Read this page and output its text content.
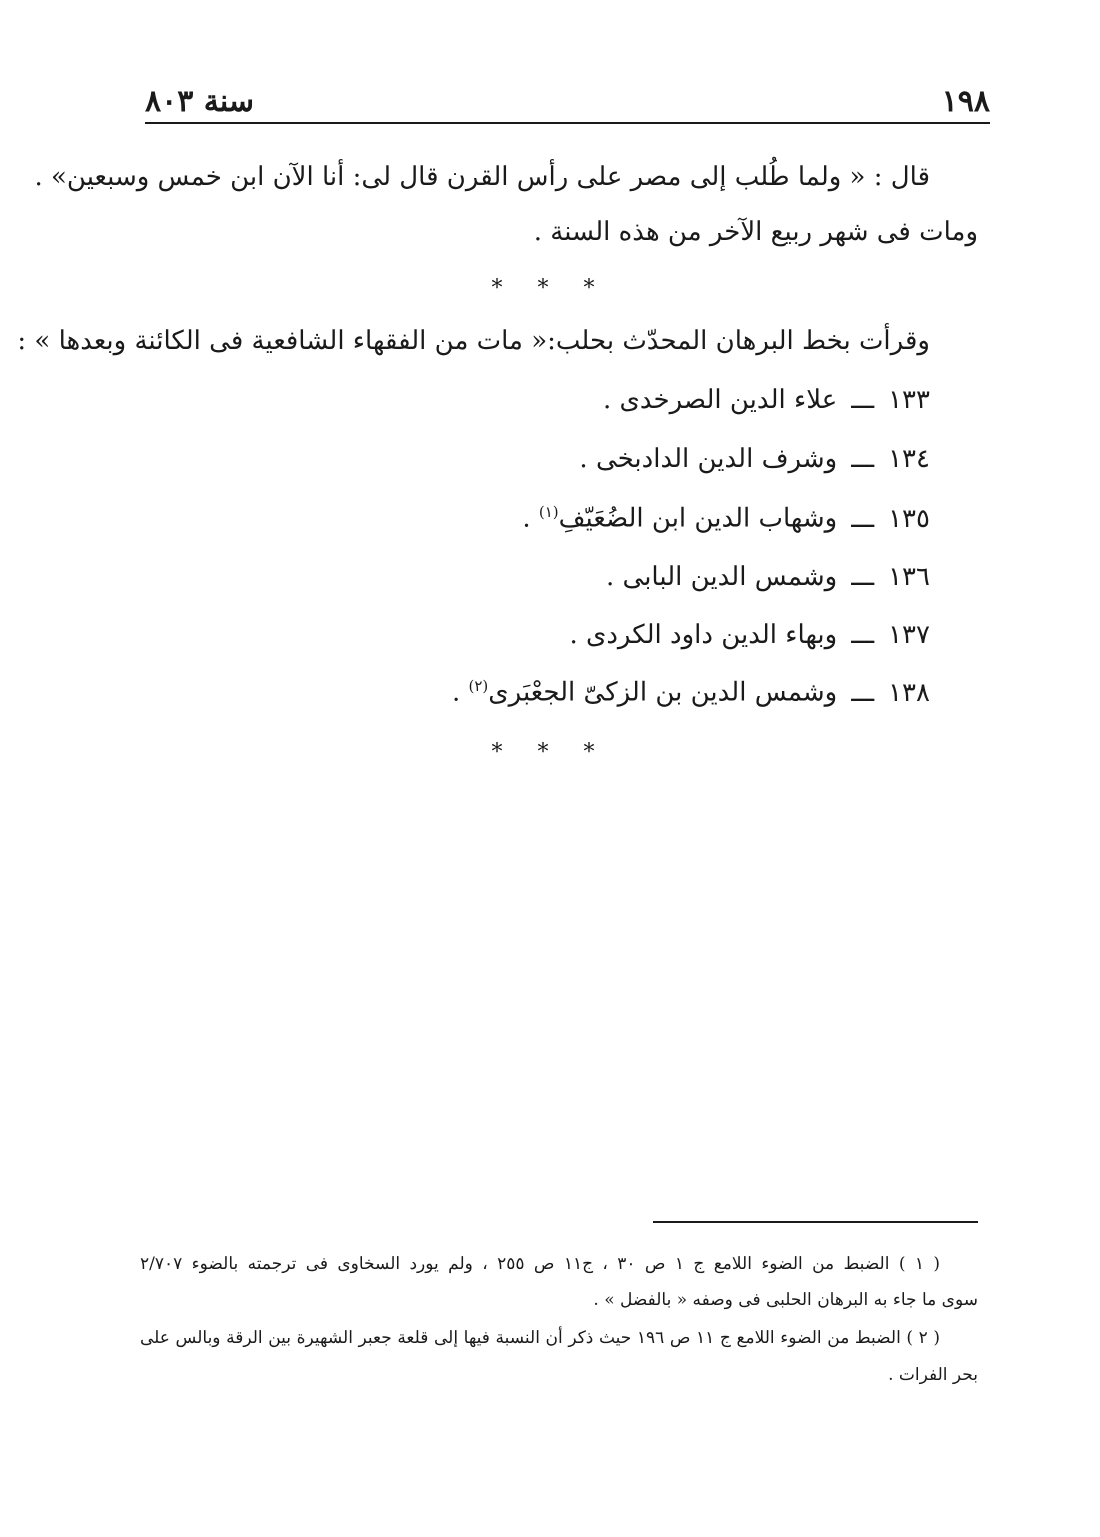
١٩٨
سنة ٨٠٣
قال : « ولما طُلب إلى مصر على رأس القرن قال لى: أنا الآن ابن خمس وسبعين» .
ومات فى شهر ربيع الآخر من هذه السنة .
* * *
وقرأت بخط البرهان المحدّث بحلب:« مات من الفقهاء الشافعية فى الكائنة وبعدها » :
١٣٣ـــعلاء الدين الصرخدى .
١٣٤ـــوشرف الدين الدادبخى .
١٣٥ـــوشهاب الدين ابن الضُعَيّفِ$^{(١)}$ .
١٣٦ـــوشمس الدين البابى .
١٣٧ـــوبهاء الدين داود الكردى .
١٣٨ـــوشمس الدين بن الزكىّ الجعْبَرى$^{(٢)}$ .
* * *
( ١ ) الضبط من الضوء اللامع ج ١ ص ٣٠ ، ج١١ ص ٢٥٥ ، ولم يورد السخاوى فى ترجمته بالضوء ٢/٧٠٧
سوى ما جاء به البرهان الحلبى فى وصفه « بالفضل » .
( ٢ ) الضبط من الضوء اللامع ج ١١ ص ١٩٦ حيث ذكر أن النسبة فيها إلى قلعة جعبر الشهيرة بين الرقة وبالس على
بحر الفرات .
